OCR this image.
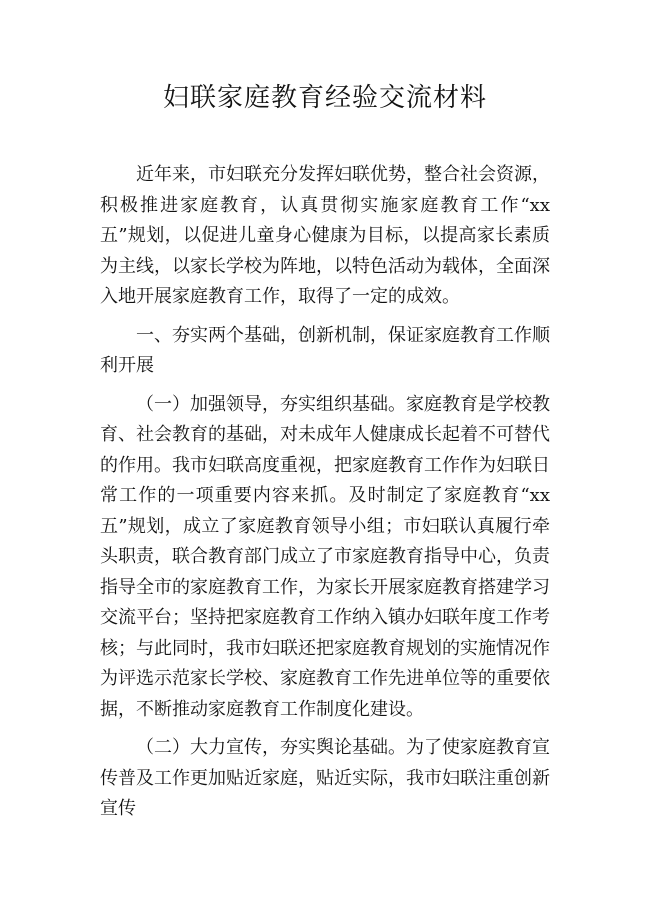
妇联家庭教育经验交流材料

近年来，市妇联充分发挥妇联优势，整合社会资源，积极推进家庭教育，认真贯彻实施家庭教育工作“xx五”规划，以促进儿童身心健康为目标，以提高家长素质为主线，以家长学校为阵地，以特色活动为载体，全面深入地开展家庭教育工作，取得了一定的成效。

一、夯实两个基础，创新机制，保证家庭教育工作顺利开展

（一）加强领导，夯实组织基础。家庭教育是学校教育、社会教育的基础，对未成年人健康成长起着不可替代的作用。我市妇联高度重视，把家庭教育工作作为妇联日常工作的一项重要内容来抓。及时制定了家庭教育“xx五”规划，成立了家庭教育领导小组；市妇联认真履行牵头职责，联合教育部门成立了市家庭教育指导中心，负责指导全市的家庭教育工作，为家长开展家庭教育搭建学习交流平台；坚持把家庭教育工作纳入镇办妇联年度工作考核；与此同时，我市妇联还把家庭教育规划的实施情况作为评选示范家长学校、家庭教育工作先进单位等的重要依据，不断推动家庭教育工作制度化建设。

（二）大力宣传，夯实舆论基础。为了使家庭教育宣传普及工作更加贴近家庭，贴近实际，我市妇联注重创新宣传
